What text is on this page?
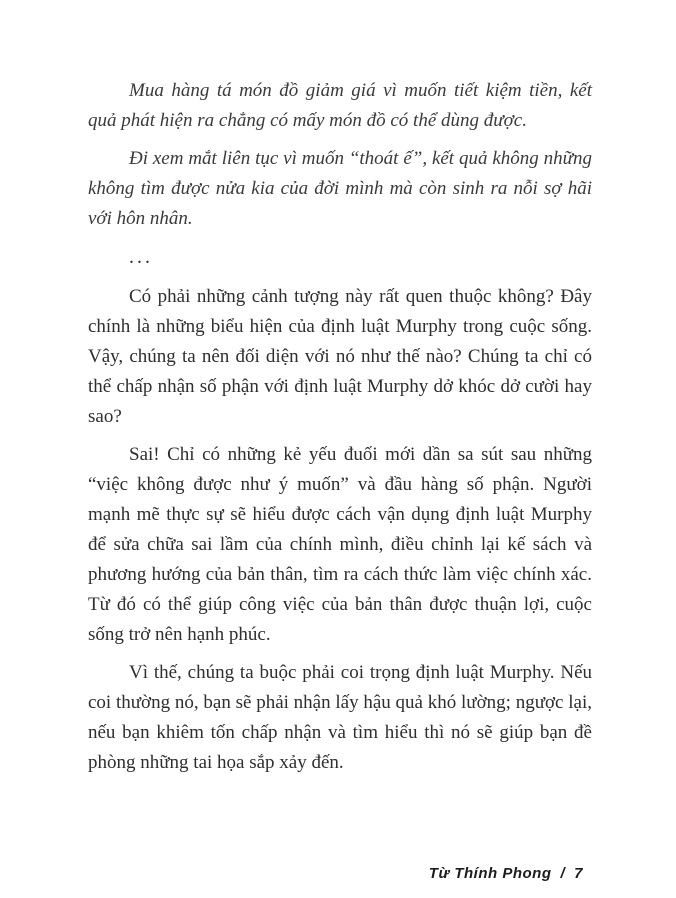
Mua hàng tá món đồ giảm giá vì muốn tiết kiệm tiền, kết quả phát hiện ra chẳng có mấy món đồ có thể dùng được.

Đi xem mắt liên tục vì muốn “thoát ế”, kết quả không những không tìm được nửa kia của đời mình mà còn sinh ra nỗi sợ hãi với hôn nhân.

...

Có phải những cảnh tượng này rất quen thuộc không? Đây chính là những biểu hiện của định luật Murphy trong cuộc sống. Vậy, chúng ta nên đối diện với nó như thế nào? Chúng ta chỉ có thể chấp nhận số phận với định luật Murphy dở khóc dở cười hay sao?

Sai! Chỉ có những kẻ yếu đuối mới dần sa sút sau những “việc không được như ý muốn” và đầu hàng số phận. Người mạnh mẽ thực sự sẽ hiểu được cách vận dụng định luật Murphy để sửa chữa sai lầm của chính mình, điều chỉnh lại kế sách và phương hướng của bản thân, tìm ra cách thức làm việc chính xác. Từ đó có thể giúp công việc của bản thân được thuận lợi, cuộc sống trở nên hạnh phúc.

Vì thế, chúng ta buộc phải coi trọng định luật Murphy. Nếu coi thường nó, bạn sẽ phải nhận lấy hậu quả khó lường; ngược lại, nếu bạn khiêm tốn chấp nhận và tìm hiểu thì nó sẽ giúp bạn đề phòng những tai họa sắp xảy đến.

Từ Thính Phong / 7
